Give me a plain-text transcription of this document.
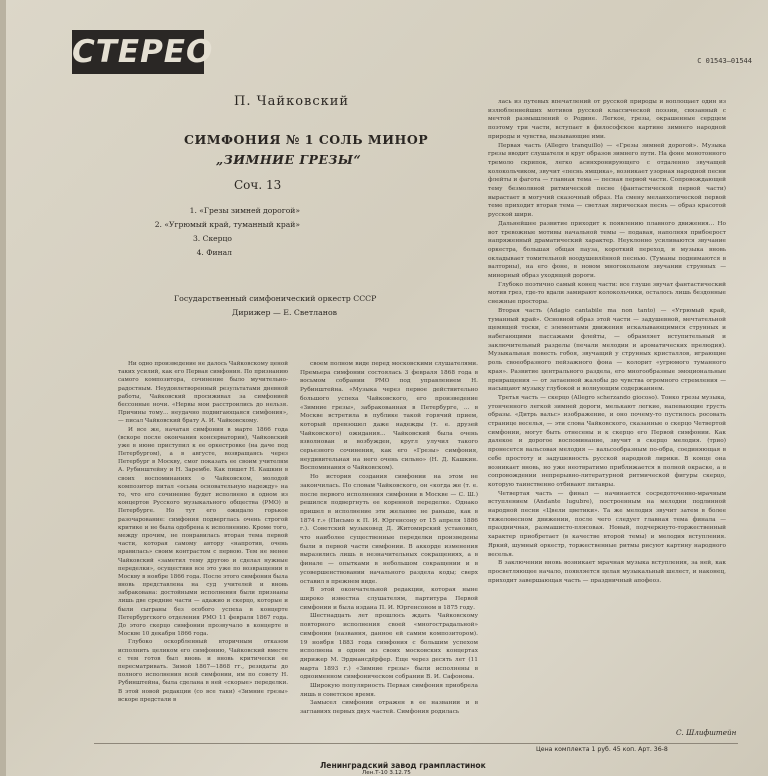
СТЕРЕО	С 01543—01544
П. Чайковский
СИМФОНИЯ № 1 СОЛЬ МИНОР
„ЗИМНИЕ ГРЕЗЫ“
Соч. 13
1. «Грезы зимней дорогой»
2. «Угрюмый край, туманный край»
3. Скерцо
4. Финал
Государственный симфонический оркестр СССР
Дирижер — Е. Светланов

Ни одно произведение не далось Чайковскому ценой таких усилий, как его Первая симфония. По признанию самого композитора, сочинение было мучительно-радостным. Неудовлетворенный результатами дневной работы, Чайковский просиживал за симфонией бессонные ночи. «Нервы мои расстроились до нельзя. Причины тому... неудачно подвигающаяся симфония», — писал Чайковский брату А. И. Чайковскому.

И все же, начатая симфония в марте 1866 года (вскоре после окончания консерватории), Чайковский уже в июне приступил к ее оркестровке (на даче под Петербургом), а в августе, возвращаясь через Петербург в Москву, смог показать ее своим учителям А. Рубинштейну и Н. Зарембе. Как пишет Н. Кашкин в своих воспоминаниях о Чайковском, молодой композитор питал «осьма основательную надежду» на то, что его сочинение будет исполнено в одном из концертов Русского музыкального общества (РМО) в Петербурге. Но тут его ожидало горькое разочарование: симфония подверглась очень строгой критике и не была одобрена к исполнению. Кроме того, между прочим, не понравилась вторая тема первой части, которая самому автору «напротив, очень нравилась» своим контрастом с первою. Тем не менее Чайковский «заметил тему другою и сделал нужные переделки», осуществив все это уже по возвращении в Москву в ноябре 1866 года. После этого симфония была вновь представлена на суд учителей и вновь забракована: достойными исполнения были признаны лишь две средние части — адажио и скерцо, которые и были сыграны без особого успеха в концерте Петербургского отделения РМО 11 февраля 1867 года. До этого скерцо симфонии прозвучало в концерте в Москве 10 декабря 1866 года.

Глубоко оскорбленный вторичным отказом исполнить целиком его симфонию, Чайковский вместе с тем готов был вновь и вновь критически ее пересматривать. Зимой 1867—1868 гг., резидаты до полного исполнения всей симфонии, им по совету Н. Рубинштейна, была сделана в ней «скорые» переделки. В этой новой редакции (со все таки) «Зимние грезы» вскоре предстали в

своем полном виде перед московскими слушателями. Премьера симфонии состоялась 3 февраля 1868 года в восьмом собрании РМО под управлением Н. Рубинштейна. «Музыка через первое действительно большого успеха Чайковского, его произведение «Зимние грезы», забракованная в Петербурге, ... в Москве встретила в публике такой горячий прием, который превзошел даже надежды (т. е. друзей Чайковского) ожидания... Чайковский была очень взволнован и возбужден, кругл улучил такого серьезного сочинения, как его «Грезы» симфония, неудивительная на него очень сильно» (Н. Д. Кашкин. Воспоминания о Чайковском).

Но история создания симфонии на этом не закончилась. По словам Чайковского, он «когда же (т. е. после первого исполнения симфонии в Москве — С. Ш.) решился подвергнуть ее коренной переделке. Однако пришел в исполнение эти желание не раньше, как в 1874 г.» (Письмо к П. И. Юргенсону от 15 апреля 1886 г.). Советский музыковед Д. Житомирский установил, что наиболее существенные переделки произведены были в первой части симфонии. В аккорде изменения выразились лишь в незначительных сокращениях, а в финале — опытками в небольшом сокращении и в усовершенствовании начального раздела коды; сверх оставил в прежнем виде.

В этой окончательной редакции, которая ныне широко известна слушателям, партитура Первой симфонии и была издана П. И. Юргенсоном в 1875 году.

Шестнадцать лет прошлось ждать Чайковскому повторного исполнения своей «многострадальной» симфонии (названия, данное ей самим композитором). 19 ноября 1883 года симфония с большим успехом исполнена в одном из своих московских концертах дирижер М. Эрдмансдёрфер. Еще через десять лет (11 марта 1893 г.) «Зимние грезы» были исполнены в одноименном симфоническом собрании В. И. Сафонова.

Широкую популярность Первая симфония приобрела лишь в советское время.

Замысел симфонии отражен в ее названии и в заглавиях первых двух частей. Симфония родилась

лась из путевых впечатлений от русской природы и воплощает один из излюбленнейших мотивов русской классической поэзии, связанный с мечтой размышлений о Родине. Легкое, грезы, окрашенные сердцем поэтому три части, вступает в философское картине зимнего народной природы и чувства, вызывающие ими.

Первая часть (Allegro tranquillo) — «Грезы зимней дорогой». Музыка грезы вводит слушателя в круг образов зимнего пути. На фоне монотонного тремоло скрипок, легко асинхронирующего с отдаленно звучащей колокольчиком, звучит «песнь ямщика», возникает узорная народной песни флейты и фагота — главная тема — песная первой части. Сопровождающей тему безмолвной ритмической песне (фантастической первой части) вырастает в могучий сказочный образ. На смену меланхолической первой теме приходит вторая тема — светлая лирическая песнь — образ красотой русской шири.

Дальнейшее развитие приходит к появлению плавного движения... Но вот тревожные мотивы начальной темы — подавая, наполняя прибоерост напряженный драматический характер. Неуклонно усиливаются звучание оркестра, большая общая пауза, короткий переход, и музыка вновь окладывает томительной воодушевлённой песнью. (Туманы поднимаются в валторны), на его фоне, в новом многокольном звучании струнных — минорный образ уходящей дороги.

Глубоко поэтично самый конец части: все глуше звучат фантастический мотив грез, где-то вдали замирают колокольчики, осталось лишь бездонные снежные просторы.

Вторая часть (Adagio cantabile ma non tanto) — «Угрюмый край, туманный край». Основной образ этой части — задушевной, мечтательной щемящей тоски, с элементами движения искалывающимися струнных и набегающими пассажами флейты, — обрамляет вступительный и заключительный разделы (печали мелодии и ароматических прелюдия). Музыкальная повесть гобоя, звучащий у струнных кристаллов, играющие роль своеобразного пейзажного фона — колорит «угрюмого туманного края». Развитие центрального раздела, его многообразные эмоциональные превращения — от затаенной жалобы до чувства огромного стремления — насыщают музыку глубокой и волнующим содержанием.

Третья часть — скерцо (Allegro scherzando giocoso). Тонко грезы музыка, утонченного легкой зимней дороги, мелькают легкие, напевающие грусть образы. «Дитрь вальс» изображение, и оно почему-то пустилось росовать странице веселья, — эти слова Чайковского, сказанные о скерцо Четвертой симфонии, могут быть отнесены и к скерцо его Первой симфонии. Как далекое и дорогое воспоминание, звучит в скерцо мелодия. (трио) пронесется вальсовая мелодия — вальсообразным по-обра, соединяющая в себе простоту и задушевность русской народной лирики. В конце она возникает вновь, но уже неотвратимо приближается в полной окраске, а в сопровождении непрерывно-литературной ритмической фигуры скерцо, которую таинственно отбивают литавры.

Четвертая часть — финал — начинается сосредоточенно-мрачным вступлением (Andante lugubre), построенным на мелодии подлинной народной песни «Цвели цветики». Та же мелодия звучит затем в более тяжеловесном движении, после чего следует главная тема финала — праздничная, размашисто-плясовая. Новый, подчеркнуто-торжественный характер приобретает (в качестве второй темы) и мелодия вступления. Яркий, шумный оркестр, торжественные ритмы рисуют картину народного веселья.

В заключении вновь возникает мрачная музыка вступления, за ней, как просветляющее начало, появляется целая музыкальный шелест, и наконец, приходит завершающая часть — праздничный апофеоз.

С. Шлифштейн
Цена комплекта 1 руб. 45 коп. Арт. 36-8
Ленинградский завод грампластинок
Лен.Т-10 3.12.75
